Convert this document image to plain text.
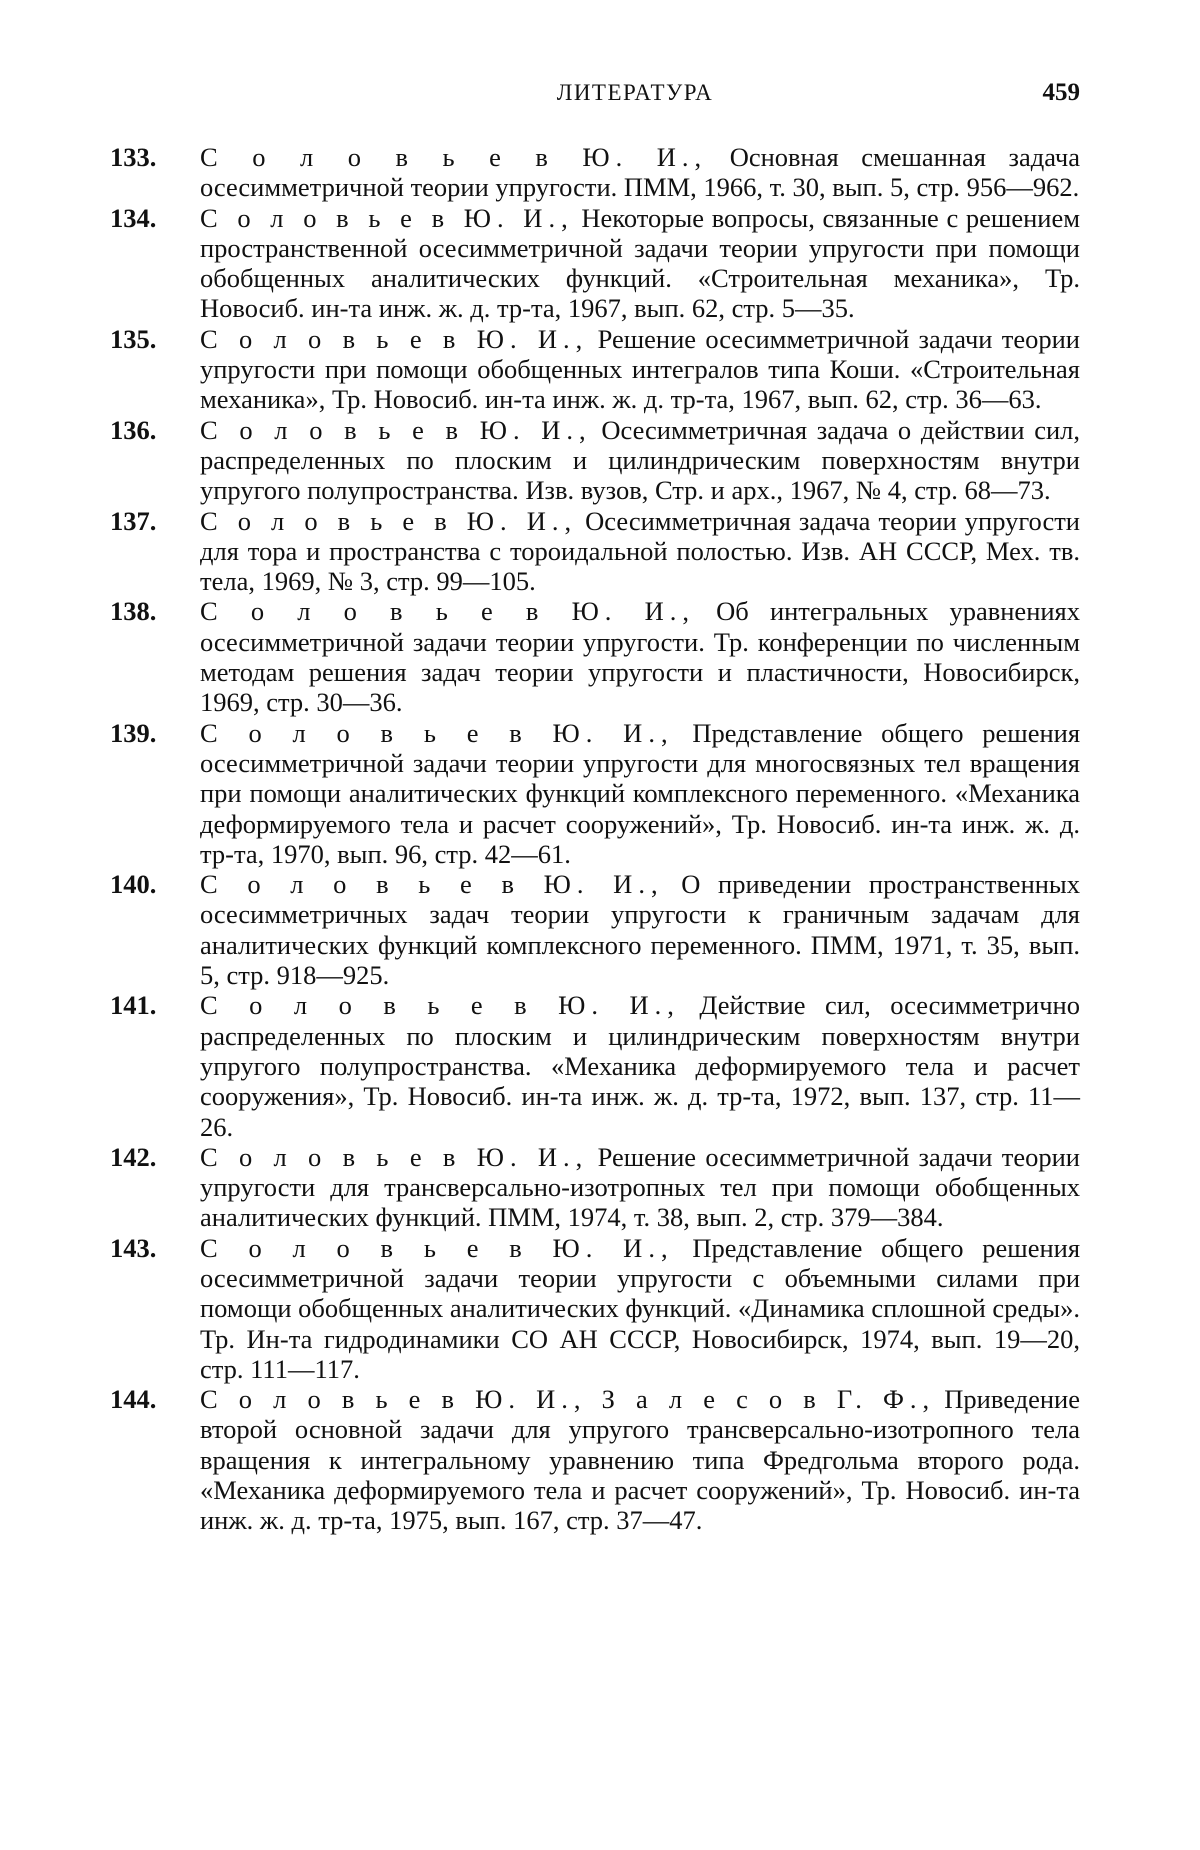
ЛИТЕРАТУРА	459

133.	С о л о в ь е в Ю. И., Основная смешанная задача осесимметричной теории упругости. ПММ, 1966, т. 30, вып. 5, стр. 956—962.

134.	С о л о в ь е в Ю. И., Некоторые вопросы, связанные с решением пространственной осесимметричной задачи теории упругости при помощи обобщенных аналитических функций. «Строительная механика», Тр. Новосиб. ин-та инж. ж. д. тр-та, 1967, вып. 62, стр. 5—35.

135.	С о л о в ь е в Ю. И., Решение осесимметричной задачи теории упругости при помощи обобщенных интегралов типа Коши. «Строительная механика», Тр. Новосиб. ин-та инж. ж. д. тр-та, 1967, вып. 62, стр. 36—63.

136.	С о л о в ь е в Ю. И., Осесимметричная задача о действии сил, распределенных по плоским и цилиндрическим поверхностям внутри упругого полупространства. Изв. вузов, Стр. и арх., 1967, № 4, стр. 68—73.

137.	С о л о в ь е в Ю. И., Осесимметричная задача теории упругости для тора и пространства с тороидальной полостью. Изв. АН СССР, Мех. тв. тела, 1969, № 3, стр. 99—105.

138.	С о л о в ь е в Ю. И., Об интегральных уравнениях осесимметричной задачи теории упругости. Тр. конференции по численным методам решения задач теории упругости и пластичности, Новосибирск, 1969, стр. 30—36.

139.	С о л о в ь е в Ю. И., Представление общего решения осесимметричной задачи теории упругости для многосвязных тел вращения при помощи аналитических функций комплексного переменного. «Механика деформируемого тела и расчет сооружений», Тр. Новосиб. ин-та инж. ж. д. тр-та, 1970, вып. 96, стр. 42—61.

140.	С о л о в ь е в Ю. И., О приведении пространственных осесимметричных задач теории упругости к граничным задачам для аналитических функций комплексного переменного. ПММ, 1971, т. 35, вып. 5, стр. 918—925.

141.	С о л о в ь е в Ю. И., Действие сил, осесимметрично распределенных по плоским и цилиндрическим поверхностям внутри упругого полупространства. «Механика деформируемого тела и расчет сооружения», Тр. Новосиб. ин-та инж. ж. д. тр-та, 1972, вып. 137, стр. 11—26.

142.	С о л о в ь е в Ю. И., Решение осесимметричной задачи теории упругости для трансверсально-изотропных тел при помощи обобщенных аналитических функций. ПММ, 1974, т. 38, вып. 2, стр. 379—384.

143.	С о л о в ь е в Ю. И., Представление общего решения осесимметричной задачи теории упругости с объемными силами при помощи обобщенных аналитических функций. «Динамика сплошной среды». Тр. Ин-та гидродинамики СО АН СССР, Новосибирск, 1974, вып. 19—20, стр. 111—117.

144.	С о л о в ь е в Ю. И., З а л е с о в Г. Ф., Приведение второй основной задачи для упругого трансверсально-изотропного тела вращения к интегральному уравнению типа Фредгольма второго рода. «Механика деформируемого тела и расчет сооружений», Тр. Новосиб. ин-та инж. ж. д. тр-та, 1975, вып. 167, стр. 37—47.
